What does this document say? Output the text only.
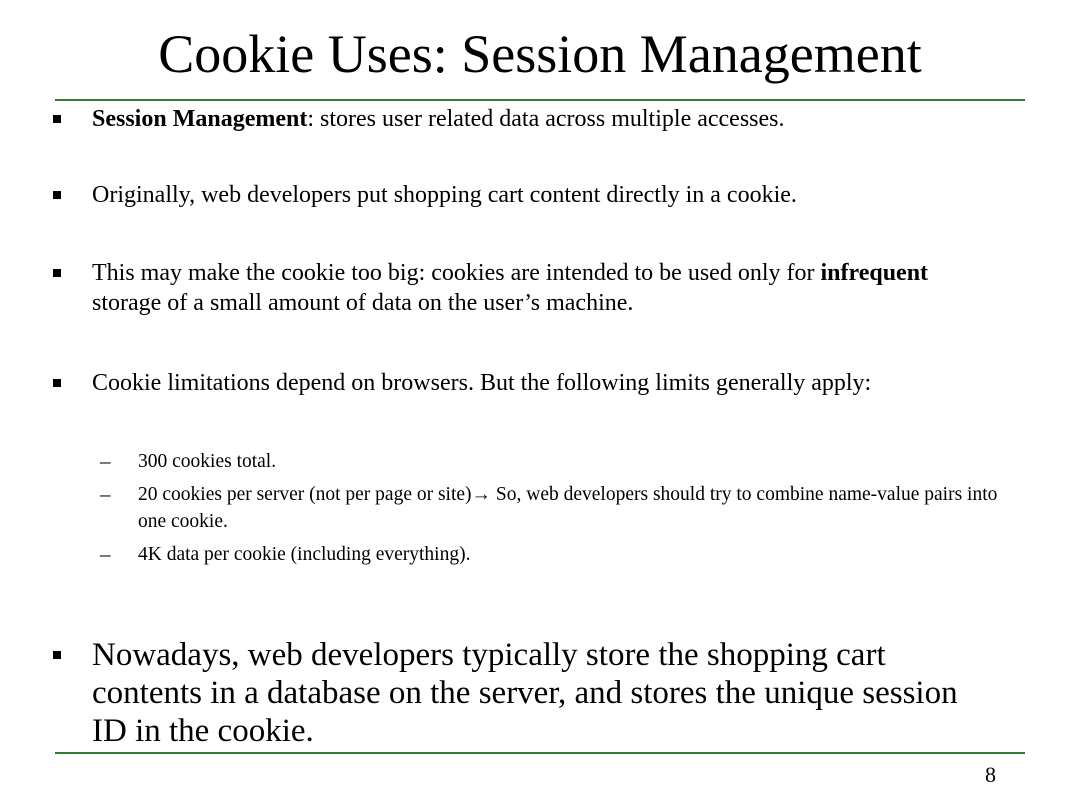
Cookie Uses: Session Management
Session Management: stores user related data across multiple accesses.
Originally, web developers put shopping cart content directly in a cookie.
This may make the cookie too big: cookies are intended to be used only for infrequent storage of a small amount of data on the user’s machine.
Cookie limitations depend on browsers. But the following limits generally apply:
– 300 cookies total.
– 20 cookies per server (not per page or site)→ So, web developers should try to combine name-value pairs into one cookie.
– 4K data per cookie (including everything).
Nowadays, web developers typically store the shopping cart contents in a database on the server, and stores the unique session ID in the cookie.
8
